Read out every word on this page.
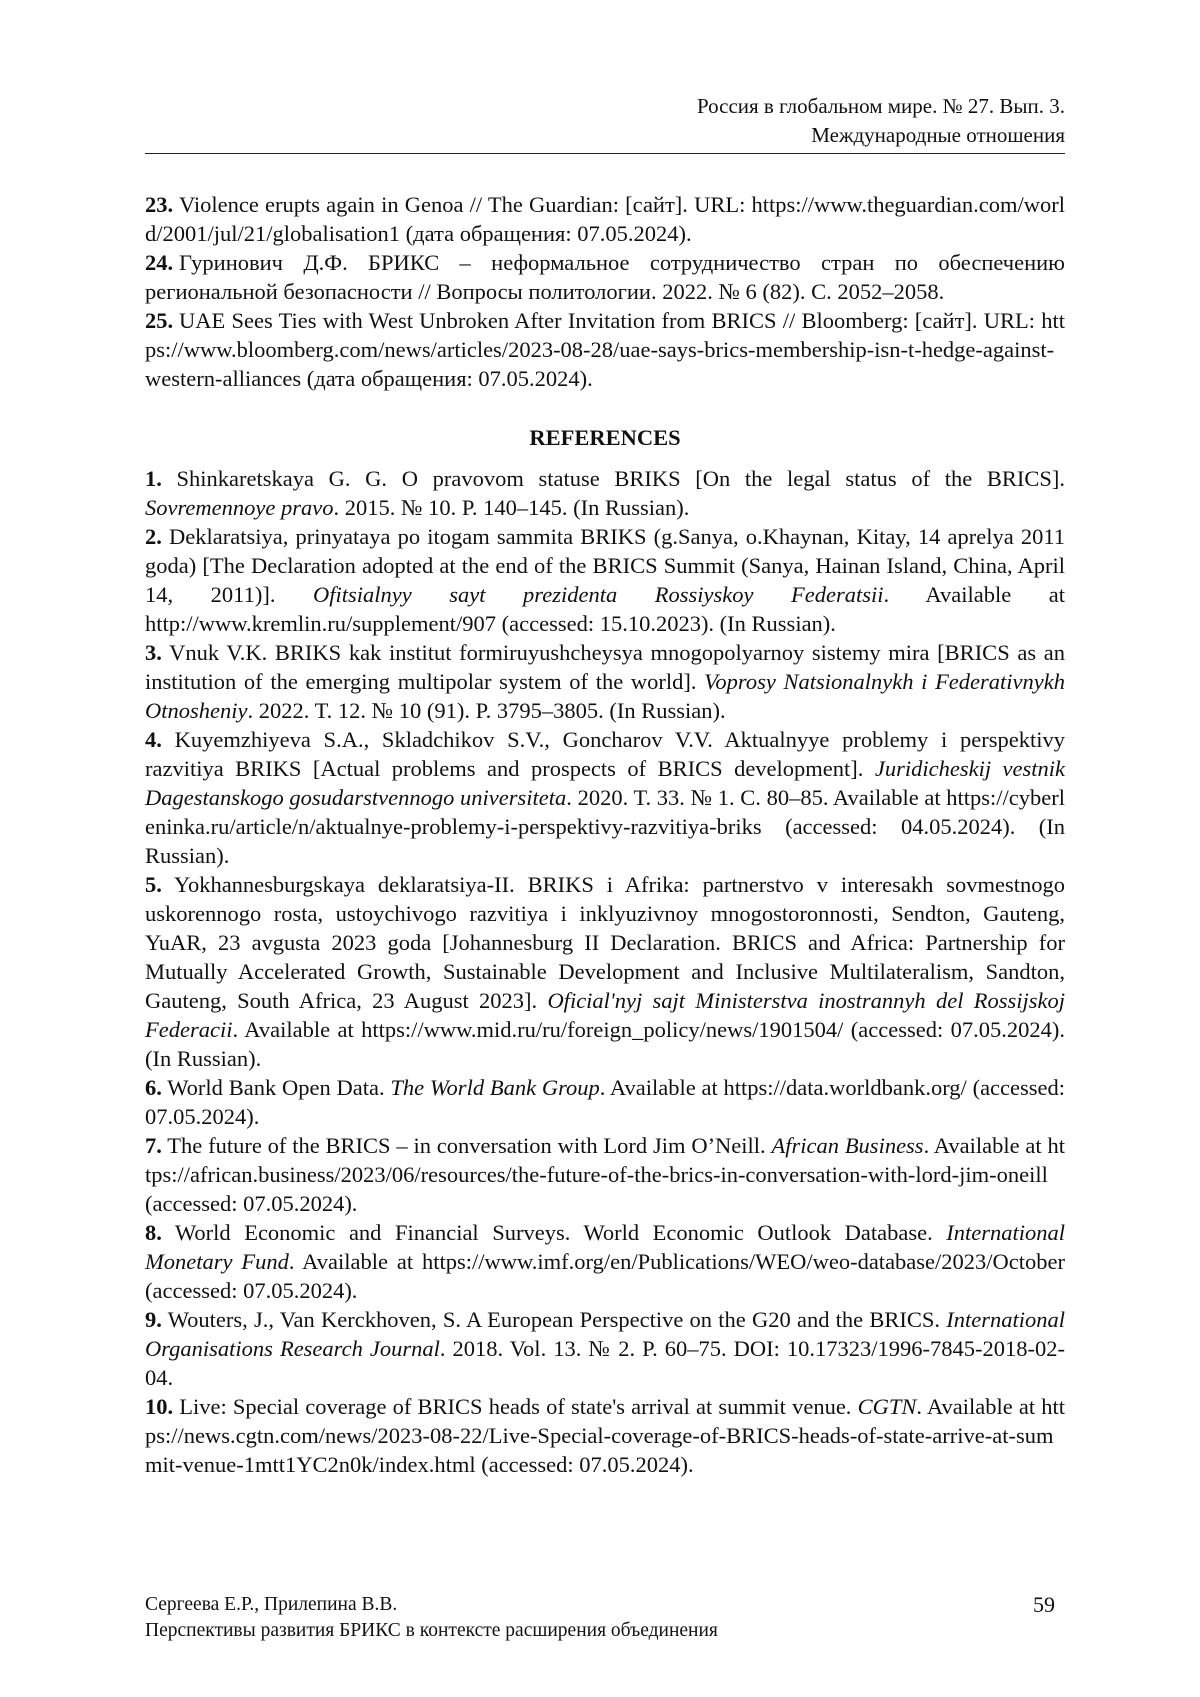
Россия в глобальном мире. № 27. Вып. 3.
Международные отношения

23. Violence erupts again in Genoa // The Guardian: [сайт]. URL: https://www.theguardian.com/world/2001/jul/21/globalisation1 (дата обращения: 07.05.2024).

24. Гуринович Д.Ф. БРИКС – неформальное сотрудничество стран по обеспечению региональной безопасности // Вопросы политологии. 2022. № 6 (82). С. 2052–2058.

25. UAE Sees Ties with West Unbroken After Invitation from BRICS // Bloomberg: [сайт]. URL: https://www.bloomberg.com/news/articles/2023-08-28/uae-says-brics-membership-isn-t-hedge-against-western-alliances (дата обращения: 07.05.2024).

REFERENCES

1. Shinkaretskaya G. G. O pravovom statuse BRIKS [On the legal status of the BRICS]. Sovremennoye pravo. 2015. № 10. P. 140–145. (In Russian).

2. Deklaratsiya, prinyataya po itogam sammita BRIKS (g.Sanya, o.Khaynan, Kitay, 14 aprelya 2011 goda) [The Declaration adopted at the end of the BRICS Summit (Sanya, Hainan Island, China, April 14, 2011)]. Ofitsialnyy sayt prezidenta Rossiyskoy Federatsii. Available at http://www.kremlin.ru/supplement/907 (accessed: 15.10.2023). (In Russian).

3. Vnuk V.K. BRIKS kak institut formiruyushcheysya mnogopolyarnoy sistemy mira [BRICS as an institution of the emerging multipolar system of the world]. Voprosy Natsionalnykh i Federativnykh Otnosheniy. 2022. T. 12. № 10 (91). P. 3795–3805. (In Russian).

4. Kuyemzhiyeva S.A., Skladchikov S.V., Goncharov V.V. Aktualnyye problemy i perspektivy razvitiya BRIKS [Actual problems and prospects of BRICS development]. Juridicheskij vestnik Dagestanskogo gosudarstvennogo universiteta. 2020. T. 33. № 1. C. 80–85. Available at https://cyberleninka.ru/article/n/aktualnye-problemy-i-perspektivy-razvitiya-briks (accessed: 04.05.2024). (In Russian).

5. Yokhannesburgskaya deklaratsiya-II. BRIKS i Afrika: partnerstvo v interesakh sovmestnogo uskorennogo rosta, ustoychivogo razvitiya i inklyuzivnoy mnogostoronnosti, Sendton, Gauteng, YuAR, 23 avgusta 2023 goda [Johannesburg II Declaration. BRICS and Africa: Partnership for Mutually Accelerated Growth, Sustainable Development and Inclusive Multilateralism, Sandton, Gauteng, South Africa, 23 August 2023]. Oficial'nyj sajt Ministerstva inostrannyh del Rossijskoj Federacii. Available at https://www.mid.ru/ru/foreign_policy/news/1901504/ (accessed: 07.05.2024). (In Russian).

6. World Bank Open Data. The World Bank Group. Available at https://data.worldbank.org/ (accessed: 07.05.2024).

7. The future of the BRICS – in conversation with Lord Jim O’Neill. African Business. Available at https://african.business/2023/06/resources/the-future-of-the-brics-in-conversation-with-lord-jim-oneill (accessed: 07.05.2024).

8. World Economic and Financial Surveys. World Economic Outlook Database. International Monetary Fund. Available at https://www.imf.org/en/Publications/WEO/weo-database/2023/October (accessed: 07.05.2024).

9. Wouters, J., Van Kerckhoven, S. A European Perspective on the G20 and the BRICS. International Organisations Research Journal. 2018. Vol. 13. № 2. P. 60–75. DOI: 10.17323/1996-7845-2018-02-04.

10. Live: Special coverage of BRICS heads of state's arrival at summit venue. CGTN. Available at https://news.cgtn.com/news/2023-08-22/Live-Special-coverage-of-BRICS-heads-of-state-arrive-at-summit-venue-1mtt1YC2n0k/index.html (accessed: 07.05.2024).

Сергеева Е.Р., Прилепина В.В.
Перспективы развития БРИКС в контексте расширения объединения
59
